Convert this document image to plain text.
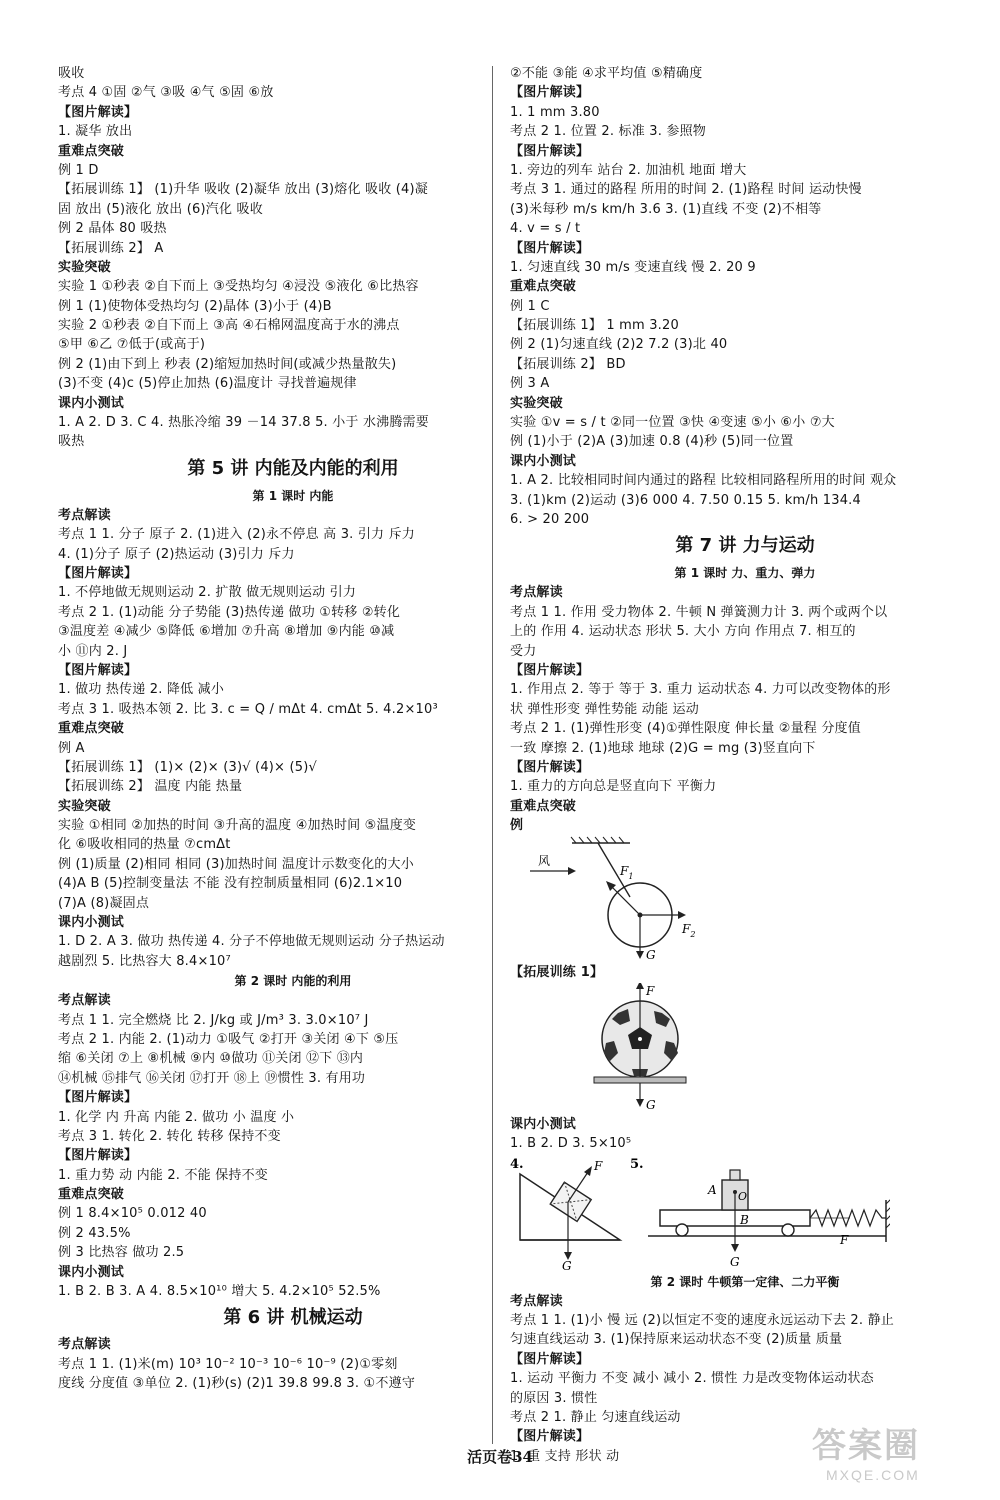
吸收
考点 4 ①固 ②气 ③吸 ④气 ⑤固 ⑥放
【图片解读】
1. 凝华 放出
重难点突破
例 1 D
【拓展训练 1】 (1)升华 吸收 (2)凝华 放出 (3)熔化 吸收 (4)凝
固 放出 (5)液化 放出 (6)汽化 吸收
例 2 晶体 80 吸热
【拓展训练 2】 A
实验突破
实验 1 ①秒表 ②自下而上 ③受热均匀 ④浸没 ⑤液化 ⑥比热容
例 1 (1)使物体受热均匀 (2)晶体 (3)小于 (4)B
实验 2 ①秒表 ②自下而上 ③高 ④石棉网温度高于水的沸点
⑤甲 ⑥乙 ⑦低于(或高于)
例 2 (1)由下到上 秒表 (2)缩短加热时间(或减少热量散失)
(3)不变 (4)c (5)停止加热 (6)温度计 寻找普遍规律
课内小测试
1. A 2. D 3. C 4. 热胀冷缩 39 －14 37.8 5. 小于 水沸腾需要
吸热
第 5 讲 内能及内能的利用
第 1 课时 内能
考点解读
考点 1 1. 分子 原子 2. (1)进入 (2)永不停息 高 3. 引力 斥力
4. (1)分子 原子 (2)热运动 (3)引力 斥力
【图片解读】
1. 不停地做无规则运动 2. 扩散 做无规则运动 引力
考点 2 1. (1)动能 分子势能 (3)热传递 做功 ①转移 ②转化
③温度差 ④减少 ⑤降低 ⑥增加 ⑦升高 ⑧增加 ⑨内能 ⑩减
小 ⑪内 2. J
【图片解读】
1. 做功 热传递 2. 降低 减小
考点 3 1. 吸热本领 2. 比 3. c = Q / mΔt 4. cmΔt 5. 4.2×10³
重难点突破
例 A
【拓展训练 1】 (1)× (2)× (3)√ (4)× (5)√
【拓展训练 2】 温度 内能 热量
实验突破
实验 ①相同 ②加热的时间 ③升高的温度 ④加热时间 ⑤温度变
化 ⑥吸收相同的热量 ⑦cmΔt
例 (1)质量 (2)相同 相同 (3)加热时间 温度计示数变化的大小
(4)A B (5)控制变量法 不能 没有控制质量相同 (6)2.1×10
(7)A (8)凝固点
课内小测试
1. D 2. A 3. 做功 热传递 4. 分子不停地做无规则运动 分子热运动
越剧烈 5. 比热容大 8.4×10⁷
第 2 课时 内能的利用
考点解读
考点 1 1. 完全燃烧 比 2. J/kg 或 J/m³ 3. 3.0×10⁷ J
考点 2 1. 内能 2. (1)动力 ①吸气 ②打开 ③关闭 ④下 ⑤压
缩 ⑥关闭 ⑦上 ⑧机械 ⑨内 ⑩做功 ⑪关闭 ⑫下 ⑬内
⑭机械 ⑮排气 ⑯关闭 ⑰打开 ⑱上 ⑲惯性 3. 有用功
【图片解读】
1. 化学 内 升高 内能 2. 做功 小 温度 小
考点 3 1. 转化 2. 转化 转移 保持不变
【图片解读】
1. 重力势 动 内能 2. 不能 保持不变
重难点突破
例 1 8.4×10⁵ 0.012 40
例 2 43.5%
例 3 比热容 做功 2.5
课内小测试
1. B 2. B 3. A 4. 8.5×10¹⁰ 增大 5. 4.2×10⁵ 52.5%
第 6 讲 机械运动
考点解读
考点 1 1. (1)米(m) 10³ 10⁻² 10⁻³ 10⁻⁶ 10⁻⁹ (2)①零刻
度线 分度值 ③单位 2. (1)秒(s) (2)1 39.8 99.8 3. ①不遵守
②不能 ③能 ④求平均值 ⑤精确度
【图片解读】
1. 1 mm 3.80
考点 2 1. 位置 2. 标准 3. 参照物
【图片解读】
1. 旁边的列车 站台 2. 加油机 地面 增大
考点 3 1. 通过的路程 所用的时间 2. (1)路程 时间 运动快慢
(3)米每秒 m/s km/h 3.6 3. (1)直线 不变 (2)不相等
4. v = s / t
【图片解读】
1. 匀速直线 30 m/s 变速直线 慢 2. 20 9
重难点突破
例 1 C
【拓展训练 1】 1 mm 3.20
例 2 (1)匀速直线 (2)2 7.2 (3)北 40
【拓展训练 2】 BD
例 3 A
实验突破
实验 ①v = s / t ②同一位置 ③快 ④变速 ⑤小 ⑥小 ⑦大
例 (1)小于 (2)A (3)加速 0.8 (4)秒 (5)同一位置
课内小测试
1. A 2. 比较相同时间内通过的路程 比较相同路程所用的时间 观众
3. (1)km (2)运动 (3)6 000 4. 7.50 0.15 5. km/h 134.4
6. > 20 200
第 7 讲 力与运动
第 1 课时 力、重力、弹力
考点解读
考点 1 1. 作用 受力物体 2. 牛顿 N 弹簧测力计 3. 两个或两个以
上的 作用 4. 运动状态 形状 5. 大小 方向 作用点 7. 相互的
受力
【图片解读】
1. 作用点 2. 等于 等于 3. 重力 运动状态 4. 力可以改变物体的形
状 弹性形变 弹性势能 动能 运动
考点 2 1. (1)弹性形变 (4)①弹性限度 伸长量 ②量程 分度值
一致 摩擦 2. (1)地球 地球 (2)G = mg (3)竖直向下
【图片解读】
1. 重力的方向总是竖直向下 平衡力
重难点突破
例
风
$F_1$
$F_2$
G
【拓展训练 1】
F
G
课内小测试
1. B 2. D 3. 5×10⁵
4.
G
F 5.
O
A
B
G
F
第 2 课时 牛顿第一定律、二力平衡
考点解读
考点 1 1. (1)小 慢 远 (2)以恒定不变的速度永远运动下去 2. 静止
匀速直线运动 3. (1)保持原来运动状态不变 (2)质量 质量
【图片解读】
1. 运动 平衡力 不变 减小 减小 2. 惯性 力是改变物体运动状态
的原因 3. 惯性
考点 2 1. 静止 匀速直线运动
【图片解读】
1. 重 支持 形状 动
活页卷34	答案圈
MXQE.COM
